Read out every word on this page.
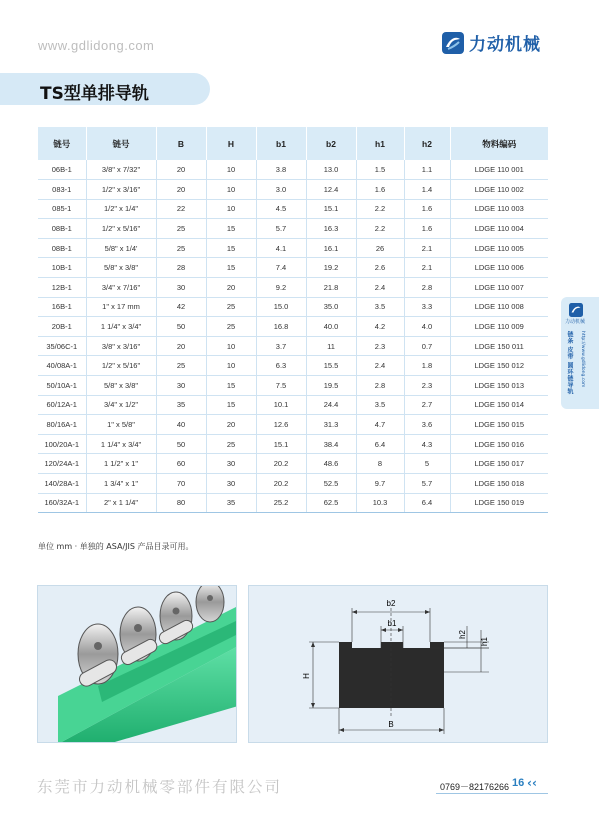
www.gdlidong.com	力动机械
TS型单排导轨
链号	链号	B	H	b1	b2	h1	h2	物料编码
06B-1	3/8" x 7/32"	20	10	3.8	13.0	1.5	1.1	LDGE 110 001
083-1	1/2" x 3/16"	20	10	3.0	12.4	1.6	1.4	LDGE 110 002
085-1	1/2" x 1/4"	22	10	4.5	15.1	2.2	1.6	LDGE 110 003
08B-1	1/2" x 5/16"	25	15	5.7	16.3	2.2	1.6	LDGE 110 004
08B-1	5/8" x 1/4'	25	15	4.1	16.1	26	2.1	LDGE 110 005
10B-1	5/8" x 3/8"	28	15	7.4	19.2	2.6	2.1	LDGE 110 006
12B-1	3/4" x 7/16"	30	20	9.2	21.8	2.4	2.8	LDGE 110 007
16B-1	1" x 17 mm	42	25	15.0	35.0	3.5	3.3	LDGE 110 008
20B-1	1 1/4" x 3/4"	50	25	16.8	40.0	4.2	4.0	LDGE 110 009
35/06C-1	3/8" x 3/16"	20	10	3.7	11	2.3	0.7	LDGE 150 011
40/08A-1	1/2" x 5/16"	25	10	6.3	15.5	2.4	1.8	LDGE 150 012
50/10A-1	5/8" x 3/8"	30	15	7.5	19.5	2.8	2.3	LDGE 150 013
60/12A-1	3/4" x 1/2"	35	15	10.1	24.4	3.5	2.7	LDGE 150 014
80/16A-1	1" x 5/8"	40	20	12.6	31.3	4.7	3.6	LDGE 150 015
100/20A-1	1 1/4" x 3/4"	50	25	15.1	38.4	6.4	4.3	LDGE 150 016
120/24A-1	1 1/2" x 1"	60	30	20.2	48.6	8	5	LDGE 150 017
140/28A-1	1 3/4" x 1"	70	30	20.2	52.5	9.7	5.7	LDGE 150 018
160/32A-1	2" x 1 1/4"	80	35	25.2	62.5	10.3	6.4	LDGE 150 019
单位 mm · 单独的 ASA/JIS 产品目录可用。
力动机械
链条 皮带 圆环链导轨 http://www.gdlidong.com
b2
b1
h2
h1
H
B
东莞市力动机械零部件有限公司	0769－82176266 16 ‹‹
